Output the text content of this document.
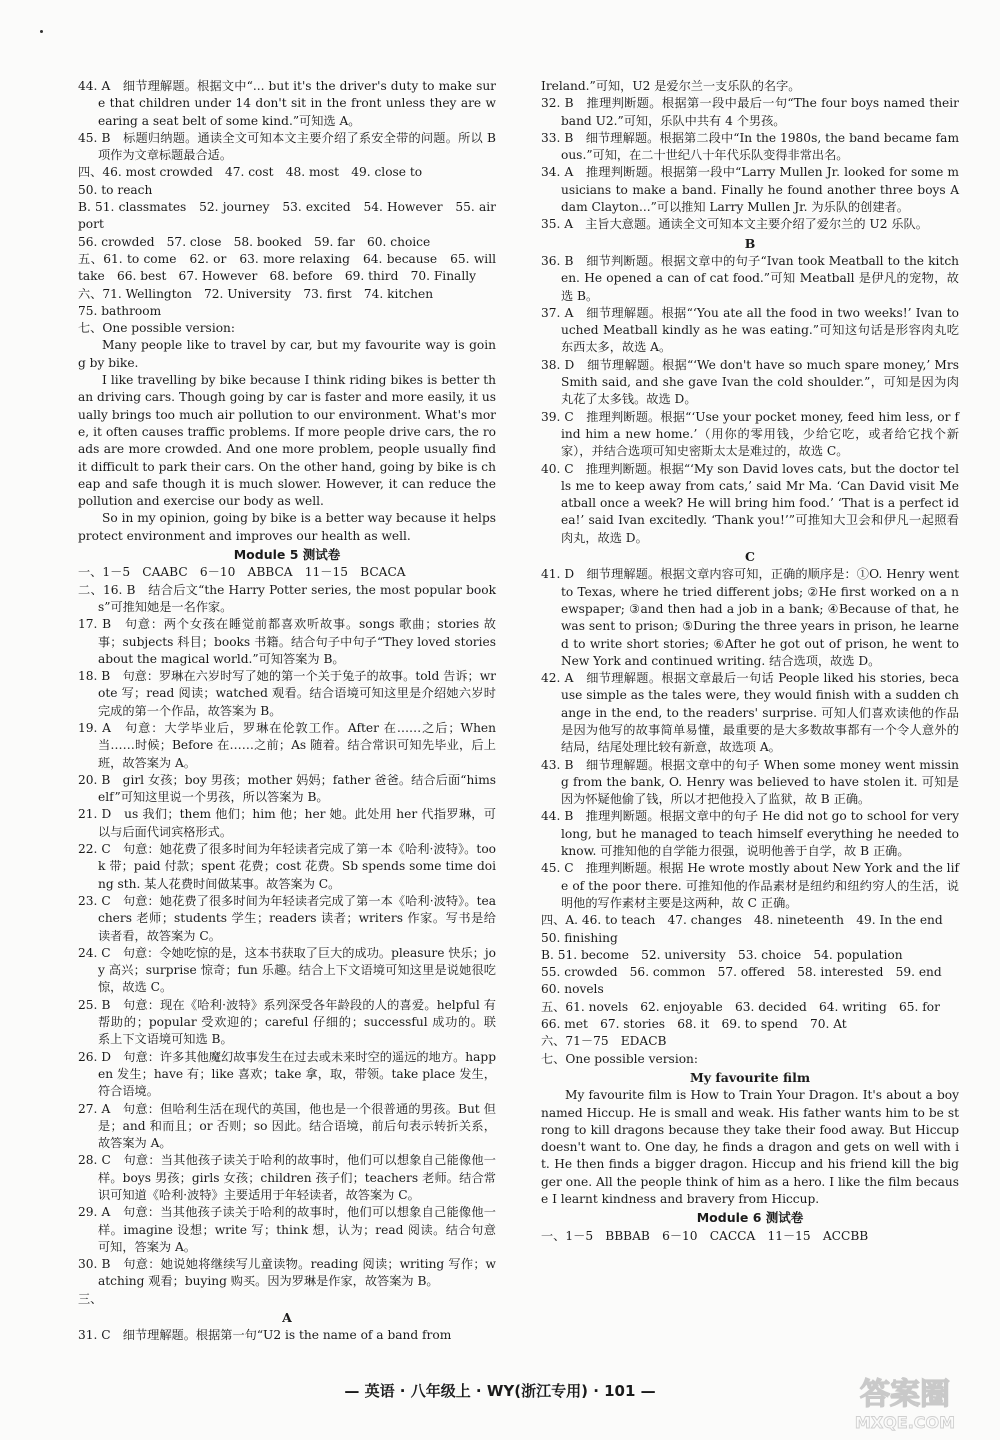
44. A　细节理解题。根据文中“... but it's the driver's duty to make sure that children under 14 don't sit in the front unless they are wearing a seat belt of some kind.”可知选 A。

45. B　标题归纳题。通读全文可知本文主要介绍了系安全带的问题。所以 B 项作为文章标题最合适。

四、46. most crowded　47. cost　48. most　49. close to

50. to reach

B. 51. classmates　52. journey　53. excited　54. However　55. airport

56. crowded　57. close　58. booked　59. far　60. choice

五、61. to come　62. or　63. more relaxing　64. because　65. will take　66. best　67. However　68. before　69. third　70. Finally

六、71. Wellington　72. University　73. first　74. kitchen

75. bathroom

七、One possible version:

Many people like to travel by car, but my favourite way is going by bike.

I like travelling by bike because I think riding bikes is better than driving cars. Though going by car is faster and more easily, it usually brings too much air pollution to our environment. What's more, it often causes traffic problems. If more people drive cars, the roads are more crowded. And one more problem, people usually find it difficult to park their cars. On the other hand, going by bike is cheap and safe though it is much slower. However, it can reduce the pollution and exercise our body as well.

So in my opinion, going by bike is a better way because it helps protect environment and improves our health as well.

Module 5 测试卷

一、1－5　CAABC　6－10　ABBCA　11－15　BCACA

二、16. B　结合后文“the Harry Potter series, the most popular books”可推知她是一名作家。

17. B　句意：两个女孩在睡觉前都喜欢听故事。songs 歌曲；stories 故事；subjects 科目；books 书籍。结合句子中句子“They loved stories about the magical world.”可知答案为 B。

18. B　句意：罗琳在六岁时写了她的第一个关于兔子的故事。told 告诉；wrote 写；read 阅读；watched 观看。结合语境可知这里是介绍她六岁时完成的第一个作品，故答案为 B。

19. A　句意：大学毕业后，罗琳在伦敦工作。After 在……之后；When 当……时候；Before 在……之前；As 随着。结合常识可知先毕业，后上班，故答案为 A。

20. B　girl 女孩；boy 男孩；mother 妈妈；father 爸爸。结合后面“himself”可知这里说一个男孩，所以答案为 B。

21. D　us 我们；them 他们；him 他；her 她。此处用 her 代指罗琳，可以与后面代词宾格形式。

22. C　句意：她花费了很多时间为年轻读者完成了第一本《哈利·波特》。took 带；paid 付款；spent 花费；cost 花费。Sb spends some time doing sth. 某人花费时间做某事。故答案为 C。

23. C　句意：她花费了很多时间为年轻读者完成了第一本《哈利·波特》。teachers 老师；students 学生；readers 读者；writers 作家。写书是给读者看，故答案为 C。

24. C　句意：令她吃惊的是，这本书获取了巨大的成功。pleasure 快乐；joy 高兴；surprise 惊奇；fun 乐趣。结合上下文语境可知这里是说她很吃惊，故选 C。

25. B　句意：现在《哈利·波特》系列深受各年龄段的人的喜爱。helpful 有帮助的；popular 受欢迎的；careful 仔细的；successful 成功的。联系上下文语境可知选 B。

26. D　句意：许多其他魔幻故事发生在过去或未来时空的遥远的地方。happen 发生；have 有；like 喜欢；take 拿，取，带领。take place 发生，符合语境。

27. A　句意：但哈利生活在现代的英国，他也是一个很普通的男孩。But 但是；and 和而且；or 否则；so 因此。结合语境，前后句表示转折关系，故答案为 A。

28. C　句意：当其他孩子读关于哈利的故事时，他们可以想象自己能像他一样。boys 男孩；girls 女孩；children 孩子们；teachers 老师。结合常识可知道《哈利·波特》主要适用于年轻读者，故答案为 C。

29. A　句意：当其他孩子读关于哈利的故事时，他们可以想象自己能像他一样。imagine 设想；write 写；think 想，认为；read 阅读。结合句意可知，答案为 A。

30. B　句意：她说她将继续写儿童读物。reading 阅读；writing 写作；watching 观看；buying 购买。因为罗琳是作家，故答案为 B。

三、

A

31. C　细节理解题。根据第一句“U2 is the name of a band from

Ireland.”可知，U2 是爱尔兰一支乐队的名字。

32. B　推理判断题。根据第一段中最后一句“The four boys named their band U2.”可知，乐队中共有 4 个男孩。

33. B　细节理解题。根据第二段中“In the 1980s, the band became famous.”可知，在二十世纪八十年代乐队变得非常出名。

34. A　推理判断题。根据第一段中“Larry Mullen Jr. looked for some musicians to make a band. Finally he found another three boys Adam Clayton...”可以推知 Larry Mullen Jr. 为乐队的创建者。

35. A　主旨大意题。通读全文可知本文主要介绍了爱尔兰的 U2 乐队。

B

36. B　细节判断题。根据文章中的句子“Ivan took Meatball to the kitchen. He opened a can of cat food.”可知 Meatball 是伊凡的宠物，故选 B。

37. A　细节理解题。根据“‘You ate all the food in two weeks!’ Ivan touched Meatball kindly as he was eating.”可知这句话是形容肉丸吃东西太多，故选 A。

38. D　细节理解题。根据“‘We don't have so much spare money,’ Mrs Smith said, and she gave Ivan the cold shoulder.”，可知是因为肉丸花了太多钱。故选 D。

39. C　推理判断题。根据“‘Use your pocket money, feed him less, or find him a new home.’（用你的零用钱，少给它吃，或者给它找个新家），并结合选项可知史密斯太太是难过的，故选 C。

40. C　推理判断题。根据“‘My son David loves cats, but the doctor tells me to keep away from cats,’ said Mr Ma. ‘Can David visit Meatball once a week? He will bring him food.’ ‘That is a perfect idea!’ said Ivan excitedly. ‘Thank you!’”可推知大卫会和伊凡一起照看肉丸，故选 D。

C

41. D　细节理解题。根据文章内容可知，正确的顺序是：①O. Henry went to Texas, where he tried different jobs; ②He first worked on a newspaper; ③and then had a job in a bank; ④Because of that, he was sent to prison; ⑤During the three years in prison, he learned to write short stories; ⑥After he got out of prison, he went to New York and continued writing. 结合选项，故选 D。

42. A　细节理解题。根据文章最后一句话 People liked his stories, because simple as the tales were, they would finish with a sudden change in the end, to the readers' surprise. 可知人们喜欢读他的作品是因为他写的故事简单易懂，最重要的是大多数故事都有一个令人意外的结局，结尾处理比较有新意，故选项 A。

43. B　细节理解题。根据文章中的句子 When some money went missing from the bank, O. Henry was believed to have stolen it. 可知是因为怀疑他偷了钱，所以才把他投入了监狱，故 B 正确。

44. B　推理判断题。根据文章中的句子 He did not go to school for very long, but he managed to teach himself everything he needed to know. 可推知他的自学能力很强，说明他善于自学，故 B 正确。

45. C　推理判断题。根据 He wrote mostly about New York and the life of the poor there. 可推知他的作品素材是纽约和纽约穷人的生活，说明他的写作素材主要是这两种，故 C 正确。

四、A. 46. to teach　47. changes　48. nineteenth　49. In the end

50. finishing

B. 51. become　52. university　53. choice　54. population

55. crowded　56. common　57. offered　58. interested　59. end

60. novels

五、61. novels　62. enjoyable　63. decided　64. writing　65. for

66. met　67. stories　68. it　69. to spend　70. At

六、71－75　EDACB

七、One possible version:

My favourite film

My favourite film is How to Train Your Dragon. It's about a boy named Hiccup. He is small and weak. His father wants him to be strong to kill dragons because they take their food away. But Hiccup doesn't want to. One day, he finds a dragon and gets on well with it. He then finds a bigger dragon. Hiccup and his friend kill the bigger one. All the people think of him as a hero. I like the film because I learnt kindness and bravery from Hiccup.

Module 6 测试卷

一、1－5　BBBAB　6－10　CACCA　11－15　ACCBB

— 英语 · 八年级上 · WY(浙江专用) · 101 —	答案圈
MXQE.COM
